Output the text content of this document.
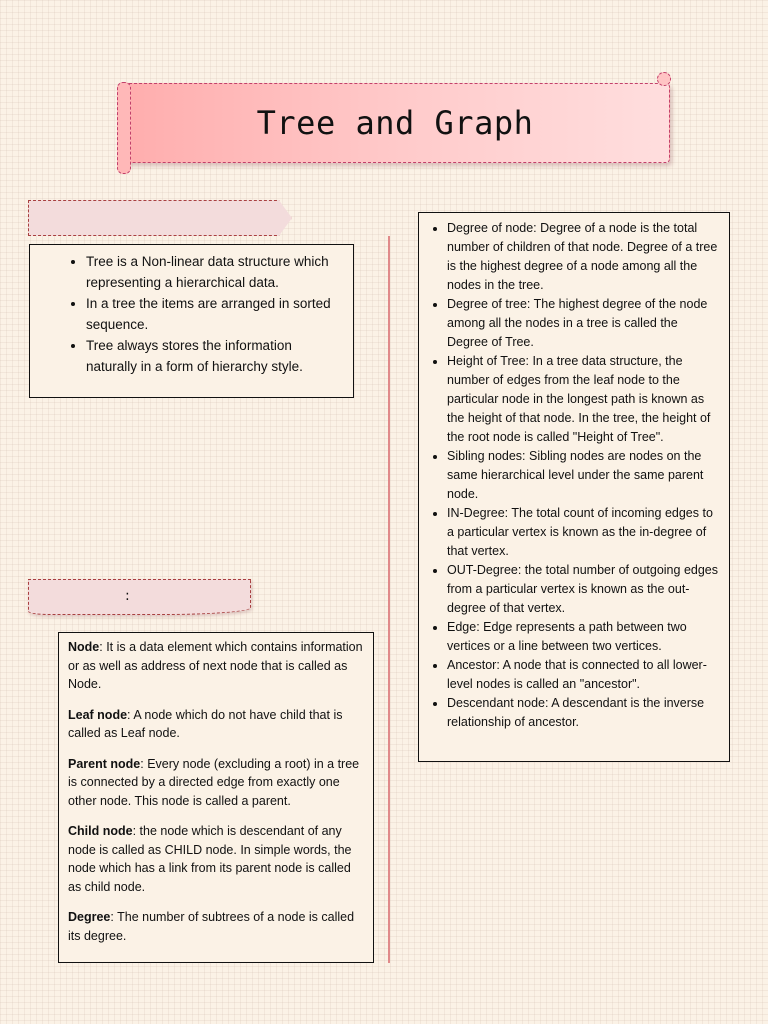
Tree and Graph
• Tree is a Non-linear data structure which representing a hierarchical data.
• In a tree the items are arranged in sorted sequence.
• Tree always stores the information naturally in a form of hierarchy style.
:

Node: It is a data element which contains information or as well as address of next node that is called as Node.

Leaf node: A node which do not have child that is called as Leaf node.

Parent node: Every node (excluding a root) in a tree is connected by a directed edge from exactly one other node. This node is called a parent.

Child node: the node which is descendant of any node is called as CHILD node. In simple words, the node which has a link from its parent node is called as child node.

Degree: The number of subtrees of a node is called its degree.

• Degree of node: Degree of a node is the total number of children of that node. Degree of a tree is the highest degree of a node among all the nodes in the tree.
• Degree of tree: The highest degree of the node among all the nodes in a tree is called the Degree of Tree.
• Height of Tree: In a tree data structure, the number of edges from the leaf node to the particular node in the longest path is known as the height of that node. In the tree, the height of the root node is called "Height of Tree".
• Sibling nodes: Sibling nodes are nodes on the same hierarchical level under the same parent node.
• IN-Degree: The total count of incoming edges to a particular vertex is known as the in-degree of that vertex.
• OUT-Degree: the total number of outgoing edges from a particular vertex is known as the out-degree of that vertex.
• Edge: Edge represents a path between two vertices or a line between two vertices.
• Ancestor: A node that is connected to all lower-level nodes is called an "ancestor".
• Descendant node: A descendant is the inverse relationship of ancestor.
